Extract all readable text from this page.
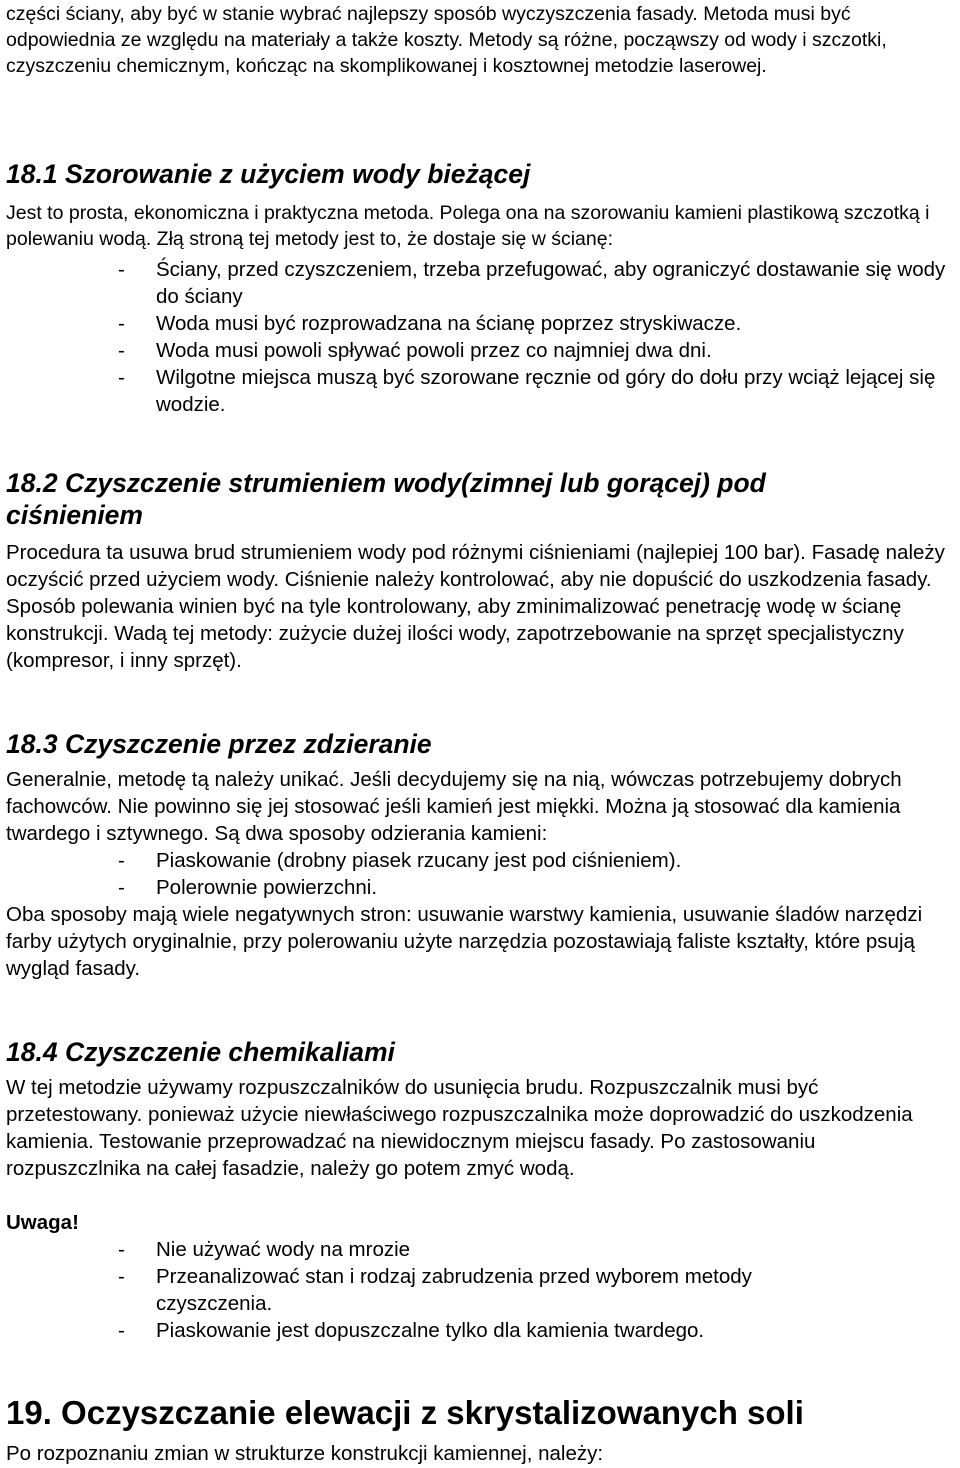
części ściany, aby być w stanie wybrać najlepszy sposób wyczyszczenia fasady. Metoda musi być odpowiednia ze względu na materiały a także koszty. Metody są różne, począwszy od wody i szczotki, czyszczeniu chemicznym, kończąc na skomplikowanej i kosztownej metodzie laserowej.

18.1 Szorowanie z użyciem wody bieżącej

Jest to prosta, ekonomiczna i praktyczna metoda. Polega ona na szorowaniu kamieni plastikową szczotką i polewaniu wodą. Złą stroną tej metody jest to, że dostaje się w ścianę:

-	Ściany, przed czyszczeniem, trzeba przefugować, aby ograniczyć dostawanie się wody do ściany
-	Woda musi być rozprowadzana na ścianę poprzez stryskiwacze.
-	Woda musi powoli spływać powoli przez co najmniej dwa dni.
-	Wilgotne miejsca muszą być szorowane ręcznie od góry do dołu przy wciąż lejącej się wodzie.
18.2 Czyszczenie strumieniem wody(zimnej lub gorącej) pod
ciśnieniem

Procedura ta usuwa brud strumieniem wody pod różnymi ciśnieniami (najlepiej 100 bar). Fasadę należy oczyścić przed użyciem wody. Ciśnienie należy kontrolować, aby nie dopuścić do uszkodzenia fasady. Sposób polewania winien być na tyle kontrolowany, aby zminimalizować penetrację wodę w ścianę konstrukcji. Wadą tej metody: zużycie dużej ilości wody, zapotrzebowanie na sprzęt specjalistyczny (kompresor, i inny sprzęt).

18.3 Czyszczenie przez zdzieranie

Generalnie, metodę tą należy unikać. Jeśli decydujemy się na nią, wówczas potrzebujemy dobrych fachowców. Nie powinno się jej stosować jeśli kamień jest miękki. Można ją stosować dla kamienia twardego i sztywnego. Są dwa sposoby odzierania kamieni:

-	Piaskowanie (drobny piasek rzucany jest pod ciśnieniem).
-	Polerownie powierzchni.

Oba sposoby mają wiele negatywnych stron: usuwanie warstwy kamienia, usuwanie śladów narzędzi farby użytych oryginalnie, przy polerowaniu użyte narzędzia pozostawiają faliste kształty, które psują wygląd fasady.

18.4 Czyszczenie chemikaliami

W tej metodzie używamy rozpuszczalników do usunięcia brudu. Rozpuszczalnik musi być przetestowany. ponieważ użycie niewłaściwego rozpuszczalnika może doprowadzić do uszkodzenia kamienia. Testowanie przeprowadzać na niewidocznym miejscu fasady. Po zastosowaniu rozpuszczlnika na całej fasadzie, należy go potem zmyć wodą.

Uwaga!
-	Nie używać wody na mrozie
-	Przeanalizować stan i rodzaj zabrudzenia przed wyborem metody czyszczenia.
-	Piaskowanie jest dopuszczalne tylko dla kamienia twardego.
19. Oczyszczanie elewacji z skrystalizowanych soli

Po rozpoznaniu zmian w strukturze konstrukcji kamiennej, należy:
